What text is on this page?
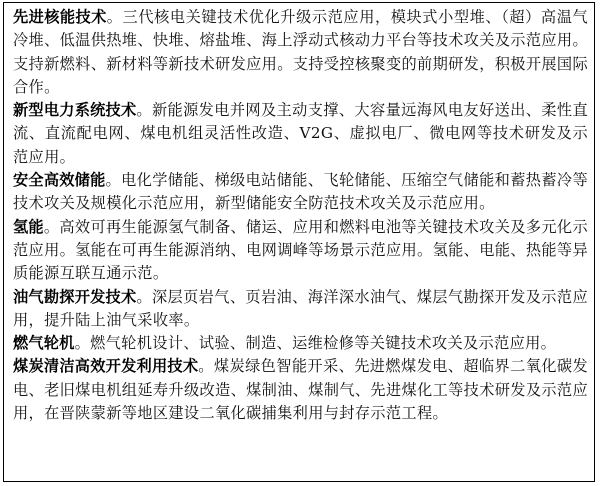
先进核能技术。三代核电关键技术优化升级示范应用，模块式小型堆、（超）高温气冷堆、低温供热堆、快堆、熔盐堆、海上浮动式核动力平台等技术攻关及示范应用。支持新燃料、新材料等新技术研发应用。支持受控核聚变的前期研发，积极开展国际合作。

新型电力系统技术。新能源发电并网及主动支撑、大容量远海风电友好送出、柔性直流、直流配电网、煤电机组灵活性改造、V2G、虚拟电厂、微电网等技术研发及示范应用。

安全高效储能。电化学储能、梯级电站储能、飞轮储能、压缩空气储能和蓄热蓄冷等技术攻关及规模化示范应用，新型储能安全防范技术攻关及示范应用。

氢能。高效可再生能源氢气制备、储运、应用和燃料电池等关键技术攻关及多元化示范应用。氢能在可再生能源消纳、电网调峰等场景示范应用。氢能、电能、热能等异质能源互联互通示范。

油气勘探开发技术。深层页岩气、页岩油、海洋深水油气、煤层气勘探开发及示范应用，提升陆上油气采收率。

燃气轮机。燃气轮机设计、试验、制造、运维检修等关键技术攻关及示范应用。

煤炭清洁高效开发利用技术。煤炭绿色智能开采、先进燃煤发电、超临界二氧化碳发电、老旧煤电机组延寿升级改造、煤制油、煤制气、先进煤化工等技术研发及示范应用，在晋陕蒙新等地区建设二氧化碳捕集利用与封存示范工程。
